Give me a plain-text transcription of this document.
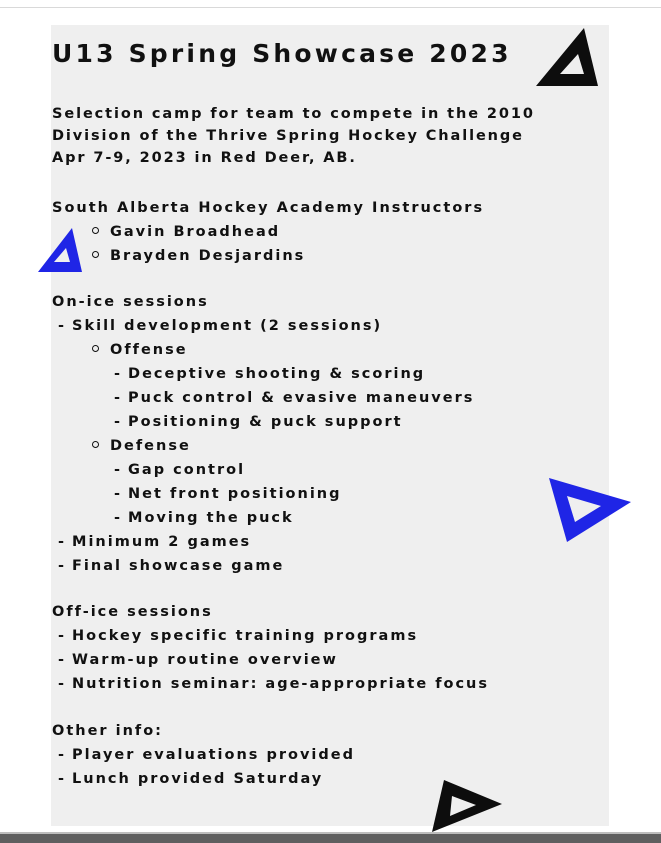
U13 Spring Showcase 2023
Selection camp for team to compete in the 2010
Division of the Thrive Spring Hockey Challenge
Apr 7-9, 2023 in Red Deer, AB.
South Alberta Hockey Academy Instructors
Gavin Broadhead
Brayden Desjardins
On-ice sessions
- Skill development (2 sessions)
Offense
- Deceptive shooting & scoring
- Puck control & evasive maneuvers
- Positioning & puck support
Defense
- Gap control
- Net front positioning
- Moving the puck
- Minimum 2 games
- Final showcase game
Off-ice sessions
- Hockey specific training programs
- Warm-up routine overview
- Nutrition seminar: age-appropriate focus
Other info:
- Player evaluations provided
- Lunch provided Saturday
